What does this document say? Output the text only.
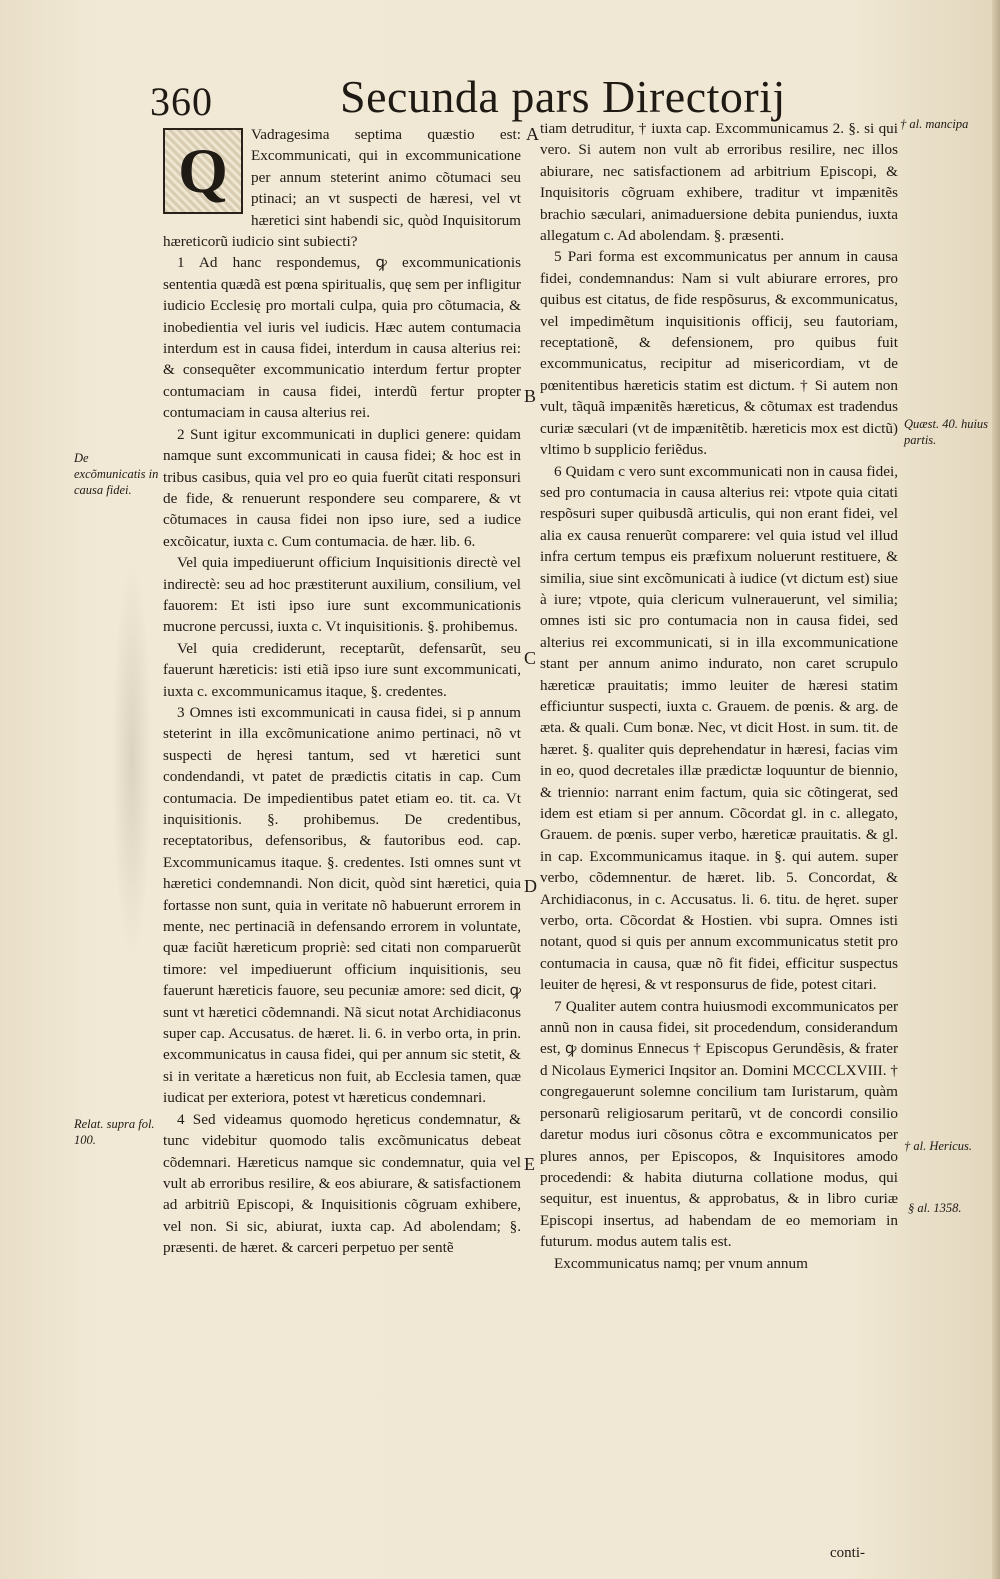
360	Secunda pars Directorij
Q

Vadragesima septima quæstio est: Excommunicati, qui in excommunicatione per annum steterint animo cõtumaci seu ptinaci; an vt suspecti de hæresi, vel vt hæretici sint habendi sic, quòd Inquisitorum hæreticorũ iudicio sint subiecti?

1 Ad hanc respondemus, ꝙ excommunicationis sententia quædã est pœna spiritualis, quę sem per infligitur iudicio Ecclesię pro mortali culpa, quia pro cõtumacia, & inobedientia vel iuris vel iudicis. Hæc autem contumacia interdum est in causa fidei, interdum in causa alterius rei: & consequẽter excommunicatio interdum fertur propter contumaciam in causa fidei, interdũ fertur propter contumaciam in causa alterius rei.

2 Sunt igitur excommunicati in duplici genere: quidam namque sunt excommunicati in causa fidei; & hoc est in tribus casibus, quia vel pro eo quia fuerũt citati responsuri de fide, & renuerunt respondere seu comparere, & vt cõtumaces in causa fidei non ipso iure, sed a iudice excõicatur, iuxta c. Cum contumacia. de hær. lib. 6.

Vel quia impediuerunt officium Inquisitionis directè vel indirectè: seu ad hoc præstiterunt auxilium, consilium, vel fauorem: Et isti ipso iure sunt excommunicationis mucrone percussi, iuxta c. Vt inquisitionis. §. prohibemus.

Vel quia crediderunt, receptarũt, defensarũt, seu fauerunt hæreticis: isti etiã ipso iure sunt excommunicati, iuxta c. excommunicamus itaque, §. credentes.

3 Omnes isti excommunicati in causa fidei, si p annum steterint in illa excõmunicatione animo pertinaci, nõ vt suspecti de hęresi tantum, sed vt hæretici sunt condendandi, vt patet de prædictis citatis in cap. Cum contumacia. De impedientibus patet etiam eo. tit. ca. Vt inquisitionis. §. prohibemus. De credentibus, receptatoribus, defensoribus, & fautoribus eod. cap. Excommunicamus itaque. §. credentes. Isti omnes sunt vt hæretici condemnandi. Non dicit, quòd sint hæretici, quia fortasse non sunt, quia in veritate nõ habuerunt errorem in mente, nec pertinaciã in defensando errorem in voluntate, quæ faciũt hæreticum propriè: sed citati non comparuerũt timore: vel impediuerunt officium inquisitionis, seu fauerunt hæreticis fauore, seu pecuniæ amore: sed dicit, ꝙ sunt vt hæretici cõdemnandi. Nã sicut notat Archidiaconus super cap. Accusatus. de hæret. li. 6. in verbo orta, in prin. excommunicatus in causa fidei, qui per annum sic stetit, & si in veritate a hæreticus non fuit, ab Ecclesia tamen, quæ iudicat per exteriora, potest vt hæreticus condemnari.

4 Sed videamus quomodo hęreticus condemnatur, & tunc videbitur quomodo talis excõmunicatus debeat cõdemnari. Hæreticus namque sic condemnatur, quia vel vult ab erroribus resilire, & eos abiurare, & satisfactionem ad arbitriũ Episcopi, & Inquisitionis cõgruam exhibere, vel non. Si sic, abiurat, iuxta cap. Ad abolendam; §. præsenti. de hæret. & carceri perpetuo per sentẽ

tiam detruditur, † iuxta cap. Excommunicamus 2. §. si qui vero. Si autem non vult ab erroribus resilire, nec illos abiurare, nec satisfactionem ad arbitrium Episcopi, & Inquisitoris cõgruam exhibere, traditur vt impænitẽs brachio sæculari, animaduersione debita puniendus, iuxta allegatum c. Ad abolendam. §. præsenti.

5 Pari forma est excommunicatus per annum in causa fidei, condemnandus: Nam si vult abiurare errores, pro quibus est citatus, de fide respõsurus, & excommunicatus, vel impedimẽtum inquisitionis officij, seu fautoriam, receptationẽ, & defensionem, pro quibus fuit excommunicatus, recipitur ad misericordiam, vt de pœnitentibus hæreticis statim est dictum. † Si autem non vult, tãquã impænitẽs hæreticus, & cõtumax est tradendus curiæ sæculari (vt de impænitẽtib. hæreticis mox est dictũ) vltimo b supplicio feriẽdus.

6 Quidam c vero sunt excommunicati non in causa fidei, sed pro contumacia in causa alterius rei: vtpote quia citati respõsuri super quibusdã articulis, qui non erant fidei, vel alia ex causa renuerũt comparere: vel quia istud vel illud infra certum tempus eis præfixum noluerunt restituere, & similia, siue sint excõmunicati à iudice (vt dictum est) siue à iure; vtpote, quia clericum vulnerauerunt, vel similia; omnes isti sic pro contumacia non in causa fidei, sed alterius rei excommunicati, si in illa excommunicatione stant per annum animo indurato, non caret scrupulo hæreticæ prauitatis; immo leuiter de hæresi statim efficiuntur suspecti, iuxta c. Grauem. de pœnis. & arg. de æta. & quali. Cum bonæ. Nec, vt dicit Host. in sum. tit. de hæret. §. qualiter quis deprehendatur in hæresi, facias vim in eo, quod decretales illæ prædictæ loquuntur de biennio, & triennio: narrant enim factum, quia sic cõtingerat, sed idem est etiam si per annum. Cõcordat gl. in c. allegato, Grauem. de pœnis. super verbo, hæreticæ prauitatis. & gl. in cap. Excommunicamus itaque. in §. qui autem. super verbo, cõdemnentur. de hæret. lib. 5. Concordat, & Archidiaconus, in c. Accusatus. li. 6. titu. de hęret. super verbo, orta. Cõcordat & Hostien. vbi supra. Omnes isti notant, quod si quis per annum excommunicatus stetit pro contumacia in causa, quæ nõ fit fidei, efficitur suspectus leuiter de hęresi, & vt responsurus de fide, potest citari.

7 Qualiter autem contra huiusmodi excommunicatos per annũ non in causa fidei, sit procedendum, considerandum est, ꝙ dominus Ennecus † Episcopus Gerundẽsis, & frater d Nicolaus Eymerici Inqsitor an. Domini MCCCLXVIII. † congregauerunt solemne concilium tam Iuristarum, quàm personarũ religiosarum peritarũ, vt de concordi consilio daretur modus iuri cõsonus cõtra e excommunicatos per plures annos, per Episcopos, & Inquisitores amodo procedendi: & habita diuturna collatione modus, qui sequitur, est inuentus, & approbatus, & in libro curiæ Episcopi insertus, ad habendam de eo memoriam in futurum. modus autem talis est.

Excommunicatus namq; per vnum annum

A
B
C
D
E
De excõmunicatis in causa fidei.
Relat. supra fol. 100.
† al. mancipa
Quæst. 40. huius partis.
† al. Hericus.
§ al. 1358.
conti-
